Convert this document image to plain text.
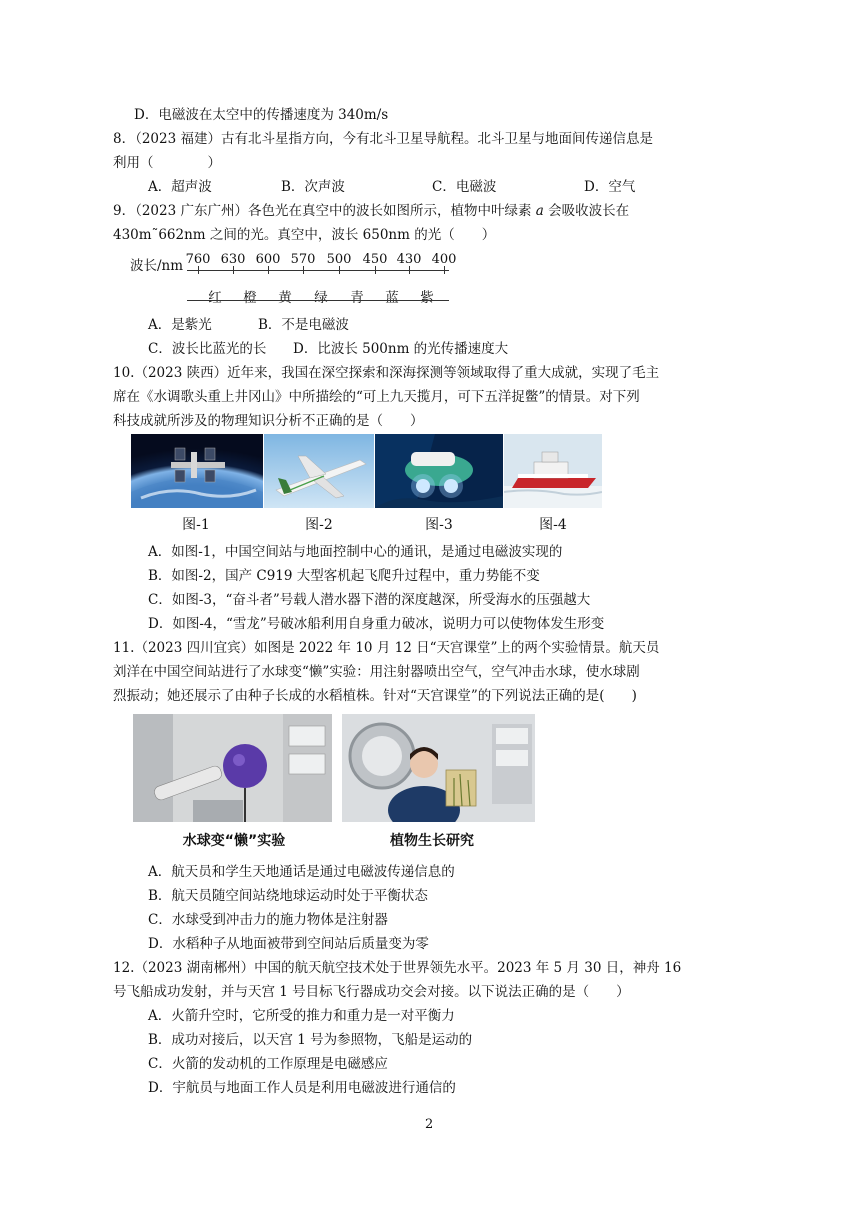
D．电磁波在太空中的传播速度为 340m/s
8．（2023 福建）古有北斗星指方向，今有北斗卫星导航程。北斗卫星与地面间传递信息是
利用（　　　　）
A．超声波	B．次声波	C．电磁波	D．空气
9．（2023 广东广州）各色光在真空中的波长如图所示，植物中叶绿素 a 会吸收波长在
430m˜662nm 之间的光。真空中，波长 650nm 的光（　　）
波长/nm 760 630 600 570 500 450 430 400
红 橙 黄 绿 青 蓝 紫
A．是紫光	B．不是电磁波
C．波长比蓝光的长 D．比波长 500nm 的光传播速度大
10.（2023 陕西）近年来，我国在深空探索和深海探测等领域取得了重大成就，实现了毛主
席在《水调歌头重上井冈山》中所描绘的“可上九天揽月，可下五洋捉鳖”的情景。对下列
科技成就所涉及的物理知识分析不正确的是（　　）
图-1	图-2	图-3	图-4
A．如图-1，中国空间站与地面控制中心的通讯，是通过电磁波实现的
B．如图-2，国产 C919 大型客机起飞爬升过程中，重力势能不变
C．如图-3，“奋斗者”号载人潜水器下潜的深度越深，所受海水的压强越大
D．如图-4，“雪龙”号破冰船利用自身重力破冰，说明力可以使物体发生形变
11.（2023 四川宜宾）如图是 2022 年 10 月 12 日“天宫课堂”上的两个实验情景。航天员
刘洋在中国空间站进行了水球变“懒”实验：用注射器喷出空气，空气冲击水球，使水球剧
烈振动；她还展示了由种子长成的水稻植株。针对“天宫课堂”的下列说法正确的是(　　)
水球变“懒”实验	植物生长研究
A．航天员和学生天地通话是通过电磁波传递信息的
B．航天员随空间站绕地球运动时处于平衡状态
C．水球受到冲击力的施力物体是注射器
D．水稻种子从地面被带到空间站后质量变为零
12.（2023 湖南郴州）中国的航天航空技术处于世界领先水平。2023 年 5 月 30 日，神舟 16
号飞船成功发射，并与天宫 1 号目标飞行器成功交会对接。以下说法正确的是（　　）
A．火箭升空时，它所受的推力和重力是一对平衡力
B．成功对接后，以天宫 1 号为参照物，飞船是运动的
C．火箭的发动机的工作原理是电磁感应
D．宇航员与地面工作人员是利用电磁波进行通信的
2
